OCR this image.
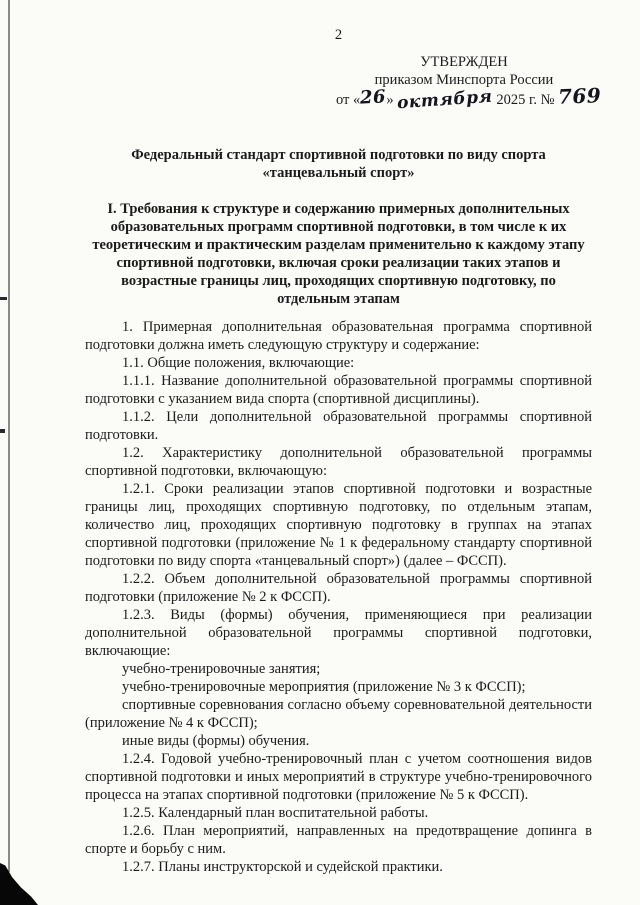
2
УТВЕРЖДЕН
приказом Минспорта России
от «26» октября 2025 г. № 769
Федеральный стандарт спортивной подготовки по виду спорта «танцевальный спорт»
I. Требования к структуре и содержанию примерных дополнительных образовательных программ спортивной подготовки, в том числе к их теоретическим и практическим разделам применительно к каждому этапу спортивной подготовки, включая сроки реализации таких этапов и возрастные границы лиц, проходящих спортивную подготовку, по отдельным этапам

1. Примерная дополнительная образовательная программа спортивной подготовки должна иметь следующую структуру и содержание:

1.1. Общие положения, включающие:

1.1.1. Название дополнительной образовательной программы спортивной подготовки с указанием вида спорта (спортивной дисциплины).

1.1.2. Цели дополнительной образовательной программы спортивной подготовки.

1.2. Характеристику дополнительной образовательной программы спортивной подготовки, включающую:

1.2.1. Сроки реализации этапов спортивной подготовки и возрастные границы лиц, проходящих спортивную подготовку, по отдельным этапам, количество лиц, проходящих спортивную подготовку в группах на этапах спортивной подготовки (приложение № 1 к федеральному стандарту спортивной подготовки по виду спорта «танцевальный спорт») (далее – ФССП).

1.2.2. Объем дополнительной образовательной программы спортивной подготовки (приложение № 2 к ФССП).

1.2.3. Виды (формы) обучения, применяющиеся при реализации дополнительной образовательной программы спортивной подготовки, включающие:

учебно-тренировочные занятия;

учебно-тренировочные мероприятия (приложение № 3 к ФССП);

спортивные соревнования согласно объему соревновательной деятельности (приложение № 4 к ФССП);

иные виды (формы) обучения.

1.2.4. Годовой учебно-тренировочный план с учетом соотношения видов спортивной подготовки и иных мероприятий в структуре учебно-тренировочного процесса на этапах спортивной подготовки (приложение № 5 к ФССП).

1.2.5. Календарный план воспитательной работы.

1.2.6. План мероприятий, направленных на предотвращение допинга в спорте и борьбу с ним.

1.2.7. Планы инструкторской и судейской практики.
